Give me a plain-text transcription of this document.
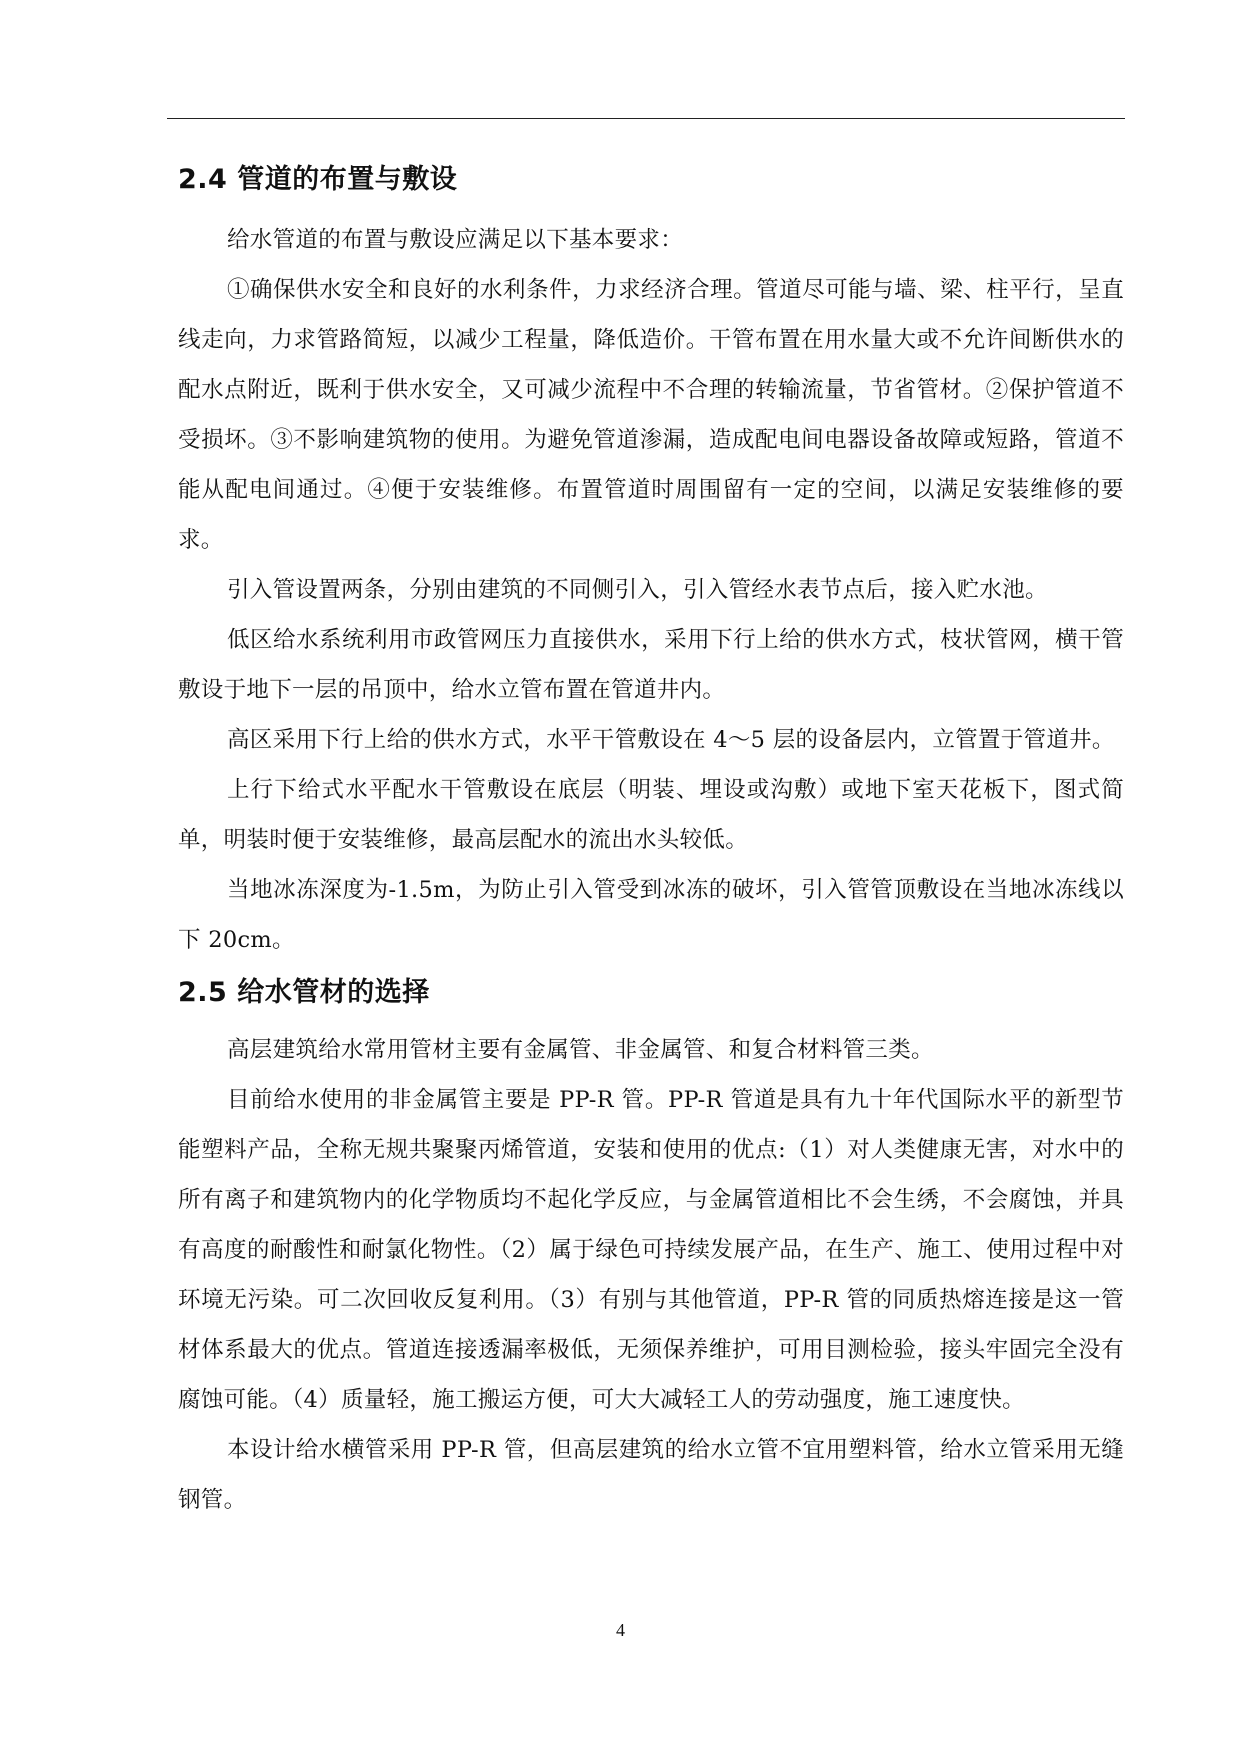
2.4 管道的布置与敷设

给水管道的布置与敷设应满足以下基本要求：

①确保供水安全和良好的水利条件，力求经济合理。管道尽可能与墙、梁、柱平行，呈直线走向，力求管路简短，以减少工程量，降低造价。干管布置在用水量大或不允许间断供水的配水点附近，既利于供水安全，又可减少流程中不合理的转输流量，节省管材。②保护管道不受损坏。③不影响建筑物的使用。为避免管道渗漏，造成配电间电器设备故障或短路，管道不能从配电间通过。④便于安装维修。布置管道时周围留有一定的空间，以满足安装维修的要求。

引入管设置两条，分别由建筑的不同侧引入，引入管经水表节点后，接入贮水池。

低区给水系统利用市政管网压力直接供水，采用下行上给的供水方式，枝状管网，横干管敷设于地下一层的吊顶中，给水立管布置在管道井内。

高区采用下行上给的供水方式，水平干管敷设在 4～5 层的设备层内，立管置于管道井。

上行下给式水平配水干管敷设在底层（明装、埋设或沟敷）或地下室天花板下，图式简单，明装时便于安装维修，最高层配水的流出水头较低。

当地冰冻深度为-1.5m，为防止引入管受到冰冻的破坏，引入管管顶敷设在当地冰冻线以下 20cm。

2.5 给水管材的选择

高层建筑给水常用管材主要有金属管、非金属管、和复合材料管三类。

目前给水使用的非金属管主要是 PP-R 管。PP-R 管道是具有九十年代国际水平的新型节能塑料产品，全称无规共聚聚丙烯管道，安装和使用的优点:（1）对人类健康无害，对水中的所有离子和建筑物内的化学物质均不起化学反应，与金属管道相比不会生绣，不会腐蚀，并具有高度的耐酸性和耐氯化物性。（2）属于绿色可持续发展产品，在生产、施工、使用过程中对环境无污染。可二次回收反复利用。（3）有别与其他管道，PP-R 管的同质热熔连接是这一管材体系最大的优点。管道连接透漏率极低，无须保养维护，可用目测检验，接头牢固完全没有腐蚀可能。（4）质量轻，施工搬运方便，可大大减轻工人的劳动强度，施工速度快。

本设计给水横管采用 PP-R 管，但高层建筑的给水立管不宜用塑料管，给水立管采用无缝钢管。

4
